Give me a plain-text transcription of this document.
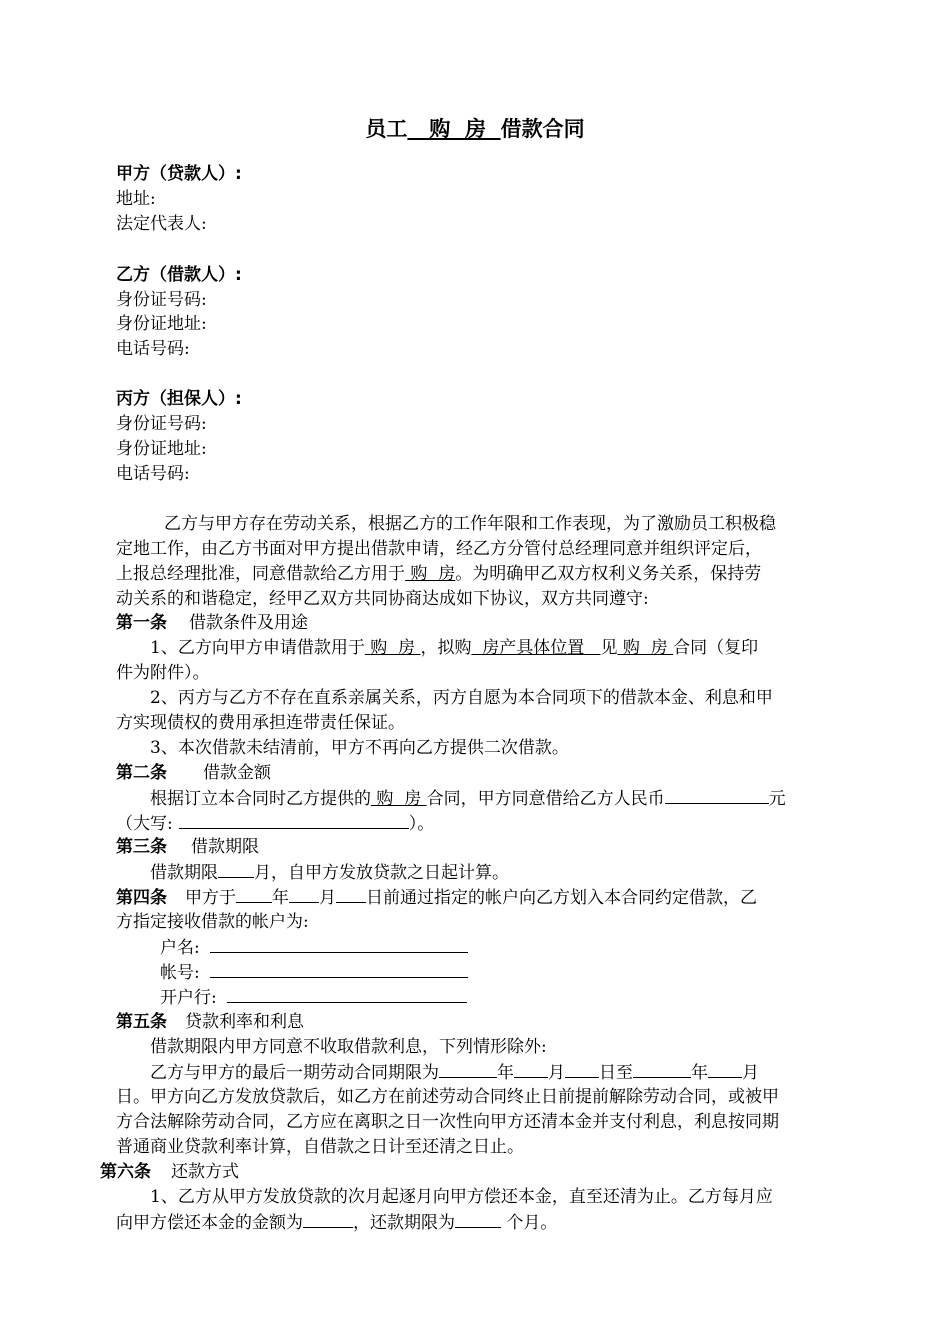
员工   购  房  借款合同
甲方（贷款人）:
地址:
法定代表人:
乙方（借款人）:
身份证号码:
身份证地址:
电话号码:
丙方（担保人）:
身份证号码:
身份证地址:
电话号码:
乙方与甲方存在劳动关系，根据乙方的工作年限和工作表现，为了激励员工积极稳
定地工作，由乙方书面对甲方提出借款申请，经乙方分管付总经理同意并组织评定后，
上报总经理批准，同意借款给乙方用于 购  房。为明确甲乙双方权利义务关系，保持劳
动关系的和谐稳定，经甲乙双方共同协商达成如下协议，双方共同遵守:
第一条 借款条件及用途
1、乙方向甲方申请借款用于 购  房 ，拟购  房产具体位置   见 购  房 合同（复印
件为附件）。
2、丙方与乙方不存在直系亲属关系，丙方自愿为本合同项下的借款本金、利息和甲
方实现债权的费用承担连带责任保证。
3、本次借款未结清前，甲方不再向乙方提供二次借款。
第二条 借款金额
根据订立本合同时乙方提供的 购  房 合同，甲方同意借给乙方人民币	元
（大写:	）。
第三条 借款期限
借款期限 月，自甲方发放贷款之日起计算。
第四条 甲方于 年 月 日前通过指定的帐户向乙方划入本合同约定借款，乙
方指定接收借款的帐户为:
户名:
帐号:
开户行:
第五条 贷款利率和利息
借款期限内甲方同意不收取借款利息，下列情形除外:
乙方与甲方的最后一期劳动合同期限为	年 月 日至	年 月
日。甲方向乙方发放贷款后，如乙方在前述劳动合同终止日前提前解除劳动合同，或被甲
方合法解除劳动合同，乙方应在离职之日一次性向甲方还清本金并支付利息，利息按同期
普通商业贷款利率计算，自借款之日计至还清之日止。
第六条 还款方式
1、乙方从甲方发放贷款的次月起逐月向甲方偿还本金，直至还清为止。乙方每月应
向甲方偿还本金的金额为	，还款期限为	个月。
